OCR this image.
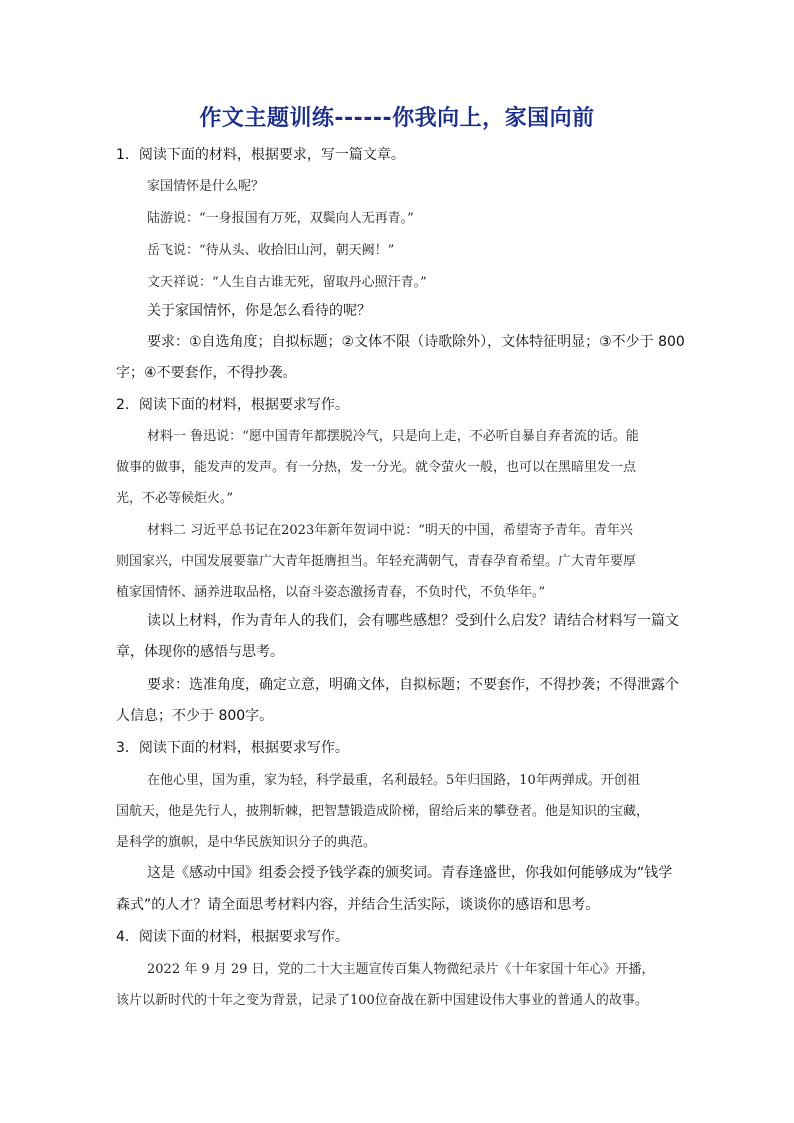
作文主题训练------你我向上，家国向前
1．阅读下面的材料，根据要求，写一篇文章。
家国情怀是什么呢？
陆游说：“一身报国有万死，双鬓向人无再青。”
岳飞说：“待从头、收拾旧山河，朝天阙！”
文天祥说：“人生自古谁无死，留取丹心照汗青。”
关于家国情怀，你是怎么看待的呢？
要求：①自选角度；自拟标题；②文体不限（诗歌除外），文体特征明显；③不少于 800
字；④不要套作，不得抄袭。
2．阅读下面的材料，根据要求写作。
材料一 鲁迅说：“愿中国青年都摆脱冷气，只是向上走，不必听自暴自弃者流的话。能
做事的做事，能发声的发声。有一分热，发一分光。就令萤火一般，也可以在黑暗里发一点
光，不必等候炬火。”
材料二 习近平总书记在2023年新年贺词中说：“明天的中国，希望寄予青年。青年兴
则国家兴，中国发展要靠广大青年挺膺担当。年轻充满朝气，青春孕育希望。广大青年要厚
植家国情怀、涵养进取品格，以奋斗姿态激扬青春，不负时代，不负华年。”
读以上材料，作为青年人的我们，会有哪些感想？受到什么启发？请结合材料写一篇文
章，体现你的感悟与思考。
要求：选准角度，确定立意，明确文体，自拟标题；不要套作，不得抄袭；不得泄露个
人信息；不少于 800字。
3．阅读下面的材料，根据要求写作。
在他心里，国为重，家为轻，科学最重，名利最轻。5年归国路，10年两弹成。开创祖
国航天，他是先行人，披荆斩棘，把智慧锻造成阶梯，留给后来的攀登者。他是知识的宝藏，
是科学的旗帜，是中华民族知识分子的典范。
这是《感动中国》组委会授予钱学森的颁奖词。青春逢盛世，你我如何能够成为“钱学
森式”的人才？请全面思考材料内容，并结合生活实际，谈谈你的感语和思考。
4．阅读下面的材料，根据要求写作。
2022 年 9 月 29 日，党的二十大主题宣传百集人物微纪录片《十年家国十年心》开播，
该片以新时代的十年之变为背景，记录了100位奋战在新中国建设伟大事业的普通人的故事。
